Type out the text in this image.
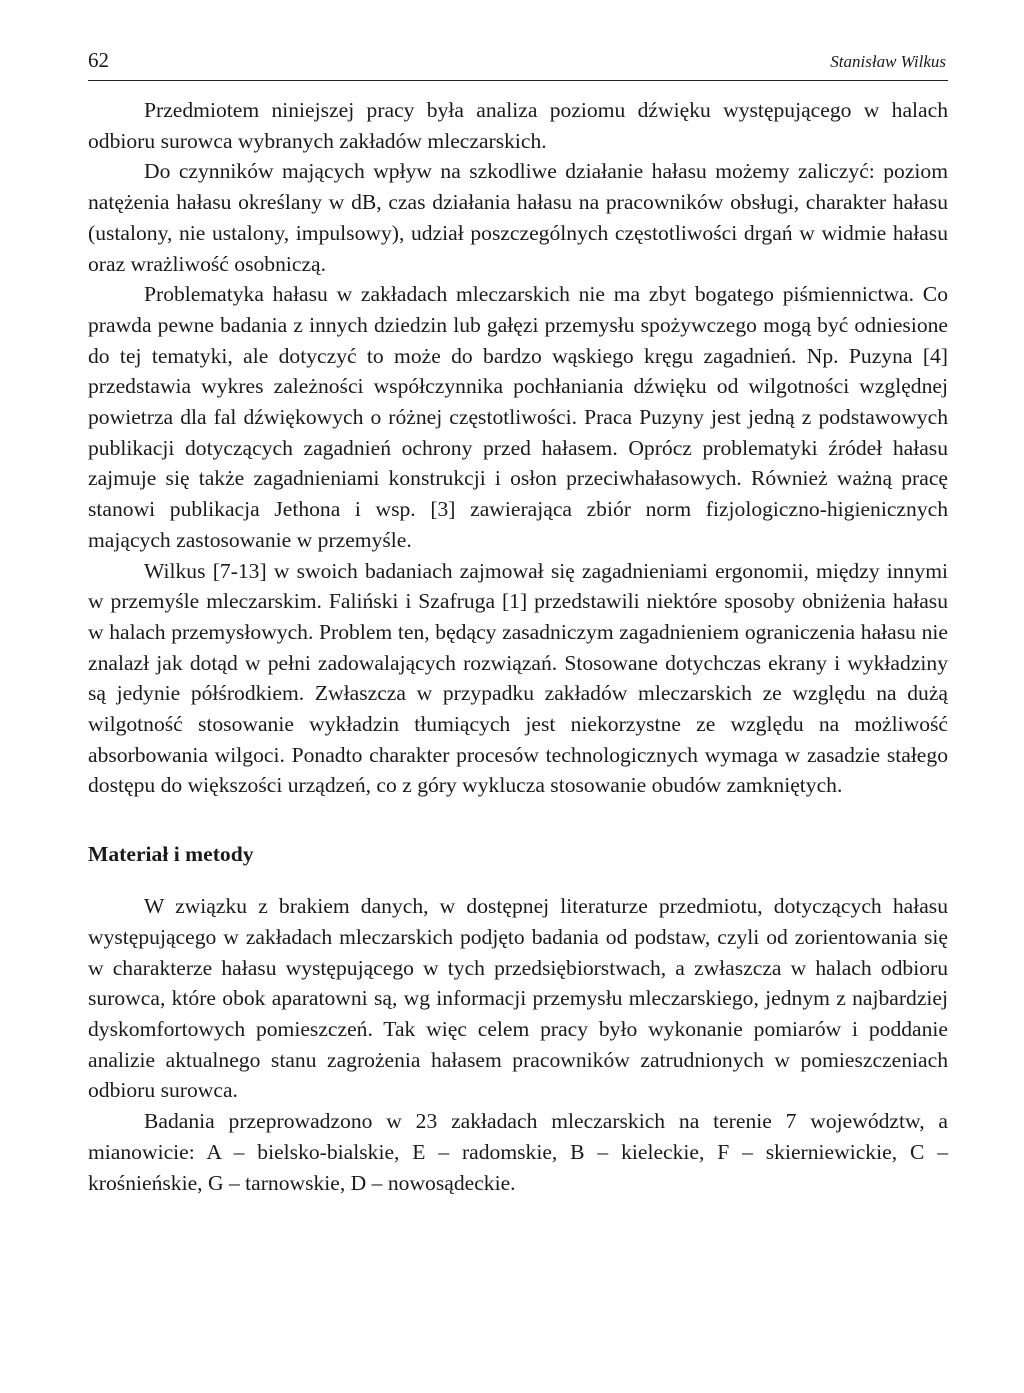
62	Stanisław Wilkus

Przedmiotem niniejszej pracy była analiza poziomu dźwięku występującego w halach odbioru surowca wybranych zakładów mleczarskich.

Do czynników mających wpływ na szkodliwe działanie hałasu możemy zaliczyć: poziom natężenia hałasu określany w dB, czas działania hałasu na pracowników obsługi, charakter hałasu (ustalony, nie ustalony, impulsowy), udział poszczególnych częstotliwości drgań w widmie hałasu oraz wrażliwość osobniczą.

Problematyka hałasu w zakładach mleczarskich nie ma zbyt bogatego piśmiennictwa. Co prawda pewne badania z innych dziedzin lub gałęzi przemysłu spożywczego mogą być odniesione do tej tematyki, ale dotyczyć to może do bardzo wąskiego kręgu zagadnień. Np. Puzyna [4] przedstawia wykres zależności współczynnika pochłaniania dźwięku od wilgotności względnej powietrza dla fal dźwiękowych o różnej częstotliwości. Praca Puzyny jest jedną z podstawowych publikacji dotyczących zagadnień ochrony przed hałasem. Oprócz problematyki źródeł hałasu zajmuje się także zagadnieniami konstrukcji i osłon przeciwhałasowych. Również ważną pracę stanowi publikacja Jethona i wsp. [3] zawierająca zbiór norm fizjologiczno-higienicznych mających zastosowanie w przemyśle.

Wilkus [7-13] w swoich badaniach zajmował się zagadnieniami ergonomii, między innymi w przemyśle mleczarskim. Faliński i Szafruga [1] przedstawili niektóre sposoby obniżenia hałasu w halach przemysłowych. Problem ten, będący zasadniczym zagadnieniem ograniczenia hałasu nie znalazł jak dotąd w pełni zadowalających rozwiązań. Stosowane dotychczas ekrany i wykładziny są jedynie półśrodkiem. Zwłaszcza w przypadku zakładów mleczarskich ze względu na dużą wilgotność stosowanie wykładzin tłumiących jest niekorzystne ze względu na możliwość absorbowania wilgoci. Ponadto charakter procesów technologicznych wymaga w zasadzie stałego dostępu do większości urządzeń, co z góry wyklucza stosowanie obudów zamkniętych.

Materiał i metody

W związku z brakiem danych, w dostępnej literaturze przedmiotu, dotyczących hałasu występującego w zakładach mleczarskich podjęto badania od podstaw, czyli od zorientowania się w charakterze hałasu występującego w tych przedsiębiorstwach, a zwłaszcza w halach odbioru surowca, które obok aparatowni są, wg informacji przemysłu mleczarskiego, jednym z najbardziej dyskomfortowych pomieszczeń. Tak więc celem pracy było wykonanie pomiarów i poddanie analizie aktualnego stanu zagrożenia hałasem pracowników zatrudnionych w pomieszczeniach odbioru surowca.

Badania przeprowadzono w 23 zakładach mleczarskich na terenie 7 województw, a mianowicie: A – bielsko-bialskie, E – radomskie, B – kieleckie, F – skierniewickie, C – krośnieńskie, G – tarnowskie, D – nowosądeckie.
